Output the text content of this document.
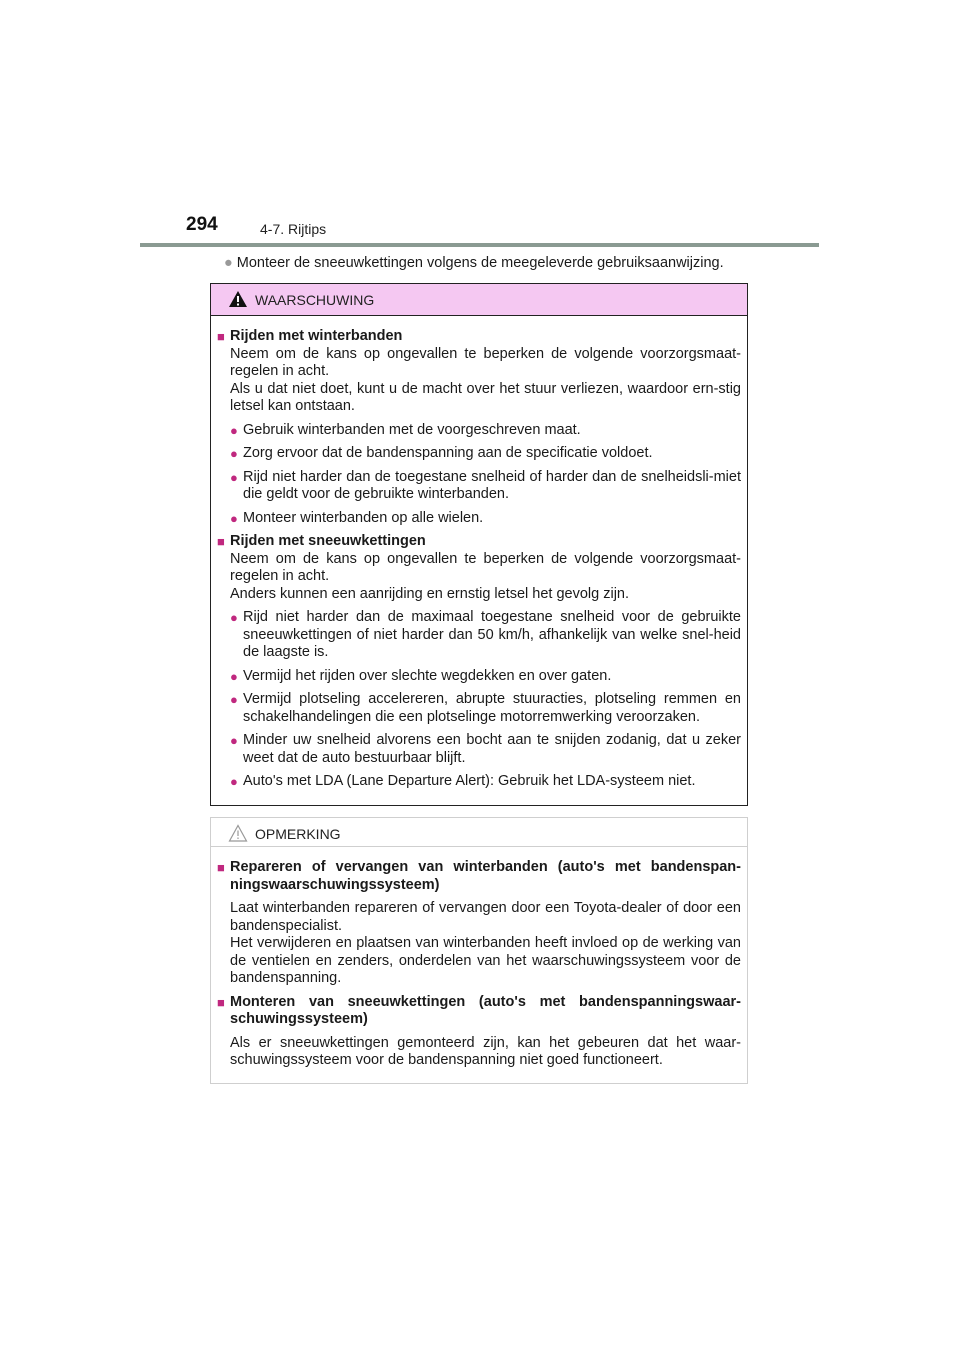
294	4-7. Rijtips
● Monteer de sneeuwkettingen volgens de meegeleverde gebruiksaanwijzing.
WAARSCHUWING
■ Rijden met winterbanden
Neem om de kans op ongevallen te beperken de volgende voorzorgsmaat-regelen in acht.
Als u dat niet doet, kunt u de macht over het stuur verliezen, waardoor ern-stig letsel kan ontstaan.
● Gebruik winterbanden met de voorgeschreven maat.
● Zorg ervoor dat de bandenspanning aan de specificatie voldoet.
● Rijd niet harder dan de toegestane snelheid of harder dan de snelheidsli-miet die geldt voor de gebruikte winterbanden.
● Monteer winterbanden op alle wielen.
■ Rijden met sneeuwkettingen
Neem om de kans op ongevallen te beperken de volgende voorzorgsmaat-regelen in acht.
Anders kunnen een aanrijding en ernstig letsel het gevolg zijn.
● Rijd niet harder dan de maximaal toegestane snelheid voor de gebruikte sneeuwkettingen of niet harder dan 50 km/h, afhankelijk van welke snel-heid de laagste is.
● Vermijd het rijden over slechte wegdekken en over gaten.
● Vermijd plotseling accelereren, abrupte stuuracties, plotseling remmen en schakelhandelingen die een plotselinge motorremwerking veroorzaken.
● Minder uw snelheid alvorens een bocht aan te snijden zodanig, dat u zeker weet dat de auto bestuurbaar blijft.
● Auto's met LDA (Lane Departure Alert): Gebruik het LDA-systeem niet.
OPMERKING
■ Repareren of vervangen van winterbanden (auto's met bandenspan-ningswaarschuwingssysteem)
Laat winterbanden repareren of vervangen door een Toyota-dealer of door een bandenspecialist.
Het verwijderen en plaatsen van winterbanden heeft invloed op de werking van de ventielen en zenders, onderdelen van het waarschuwingssysteem voor de bandenspanning.
■ Monteren van sneeuwkettingen (auto's met bandenspanningswaar-schuwingssysteem)
Als er sneeuwkettingen gemonteerd zijn, kan het gebeuren dat het waar-schuwingssysteem voor de bandenspanning niet goed functioneert.
